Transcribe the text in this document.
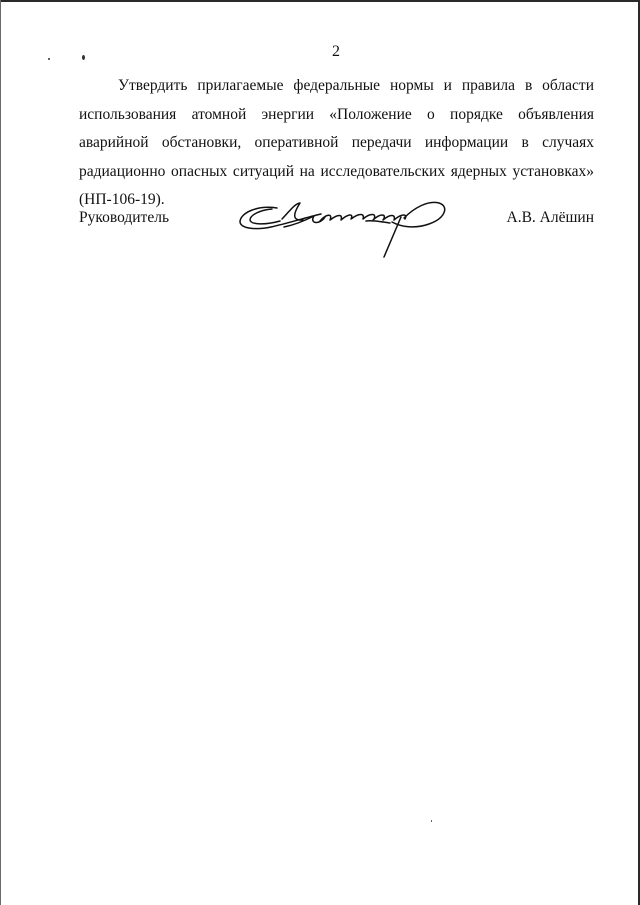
2

Утвердить прилагаемые федеральные нормы и правила в области использования атомной энергии «Положение о порядке объявления аварийной обстановки, оперативной передачи информации в случаях радиационно опасных ситуаций на исследовательских ядерных установках» (НП-106-19).

Руководитель	А.В. Алёшин
